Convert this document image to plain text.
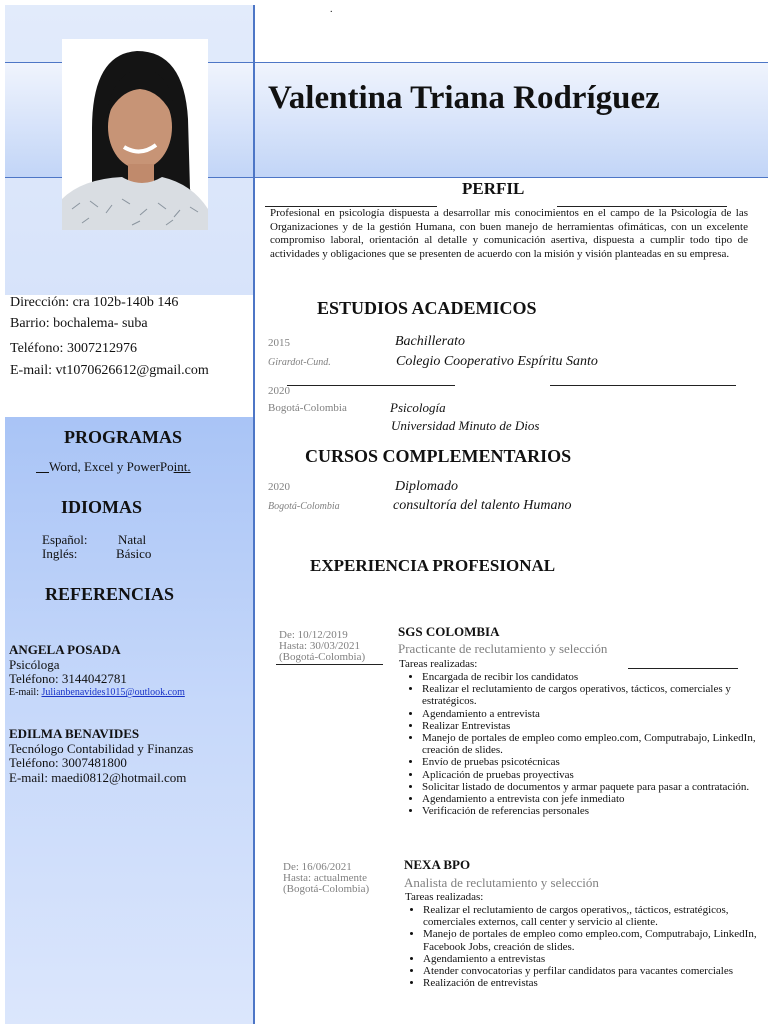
.
Valentina Triana Rodríguez
Dirección: cra 102b-140b 146
Barrio: bochalema- suba
Teléfono: 3007212976
E-mail: vt1070626612@gmail.com
PROGRAMAS
Word, Excel y PowerPoint.
IDIOMAS
Español: Natal
Inglés:	Básico
REFERENCIAS
ANGELA POSADA
Psicóloga
Teléfono: 3144042781
E-mail: Julianbenavides1015@outlook.com
EDILMA BENAVIDES
Tecnólogo Contabilidad y Finanzas
Teléfono: 3007481800
E-mail: maedi0812@hotmail.com
PERFIL
Profesional en psicología dispuesta a desarrollar mis conocimientos en el campo de la Psicología de las Organizaciones y de la gestión Humana, con buen manejo de herramientas ofimáticas, con un excelente compromiso laboral, orientación al detalle y comunicación asertiva, dispuesta a cumplir todo tipo de actividades y obligaciones que se presenten de acuerdo con la misión y visión planteadas en su empresa.
ESTUDIOS ACADEMICOS
2015
Girardot-Cund.
Bachillerato
Colegio Cooperativo Espíritu Santo
2020
Bogotá-Colombia	Psicología
Universidad Minuto de Dios
CURSOS COMPLEMENTARIOS
2020
Bogotá-Colombia
Diplomado
consultoría del talento Humano
EXPERIENCIA PROFESIONAL
De: 10/12/2019
Hasta: 30/03/2021
(Bogotá-Colombia)
SGS COLOMBIA
Practicante de reclutamiento y selección
Tareas realizadas:
• Encargada de recibir los candidatos
• Realizar el reclutamiento de cargos operativos, tácticos, comerciales y estratégicos.
• Agendamiento a entrevista
• Realizar Entrevistas
• Manejo de portales de empleo como empleo.com, Computrabajo, LinkedIn, creación de slides.
• Envío de pruebas psicotécnicas
• Aplicación de pruebas proyectivas
• Solicitar listado de documentos y armar paquete para pasar a contratación.
• Agendamiento a entrevista con jefe inmediato
• Verificación de referencias personales
De: 16/06/2021
Hasta: actualmente
(Bogotá-Colombia)
NEXA BPO
Analista de reclutamiento y selección
Tareas realizadas:
• Realizar el reclutamiento de cargos operativos,, tácticos, estratégicos, comerciales externos, call center y servicio al cliente.
• Manejo de portales de empleo como empleo.com, Computrabajo, LinkedIn, Facebook Jobs, creación de slides.
• Agendamiento a entrevistas
• Atender convocatorias y perfilar candidatos para vacantes comerciales
• Realización de entrevistas
